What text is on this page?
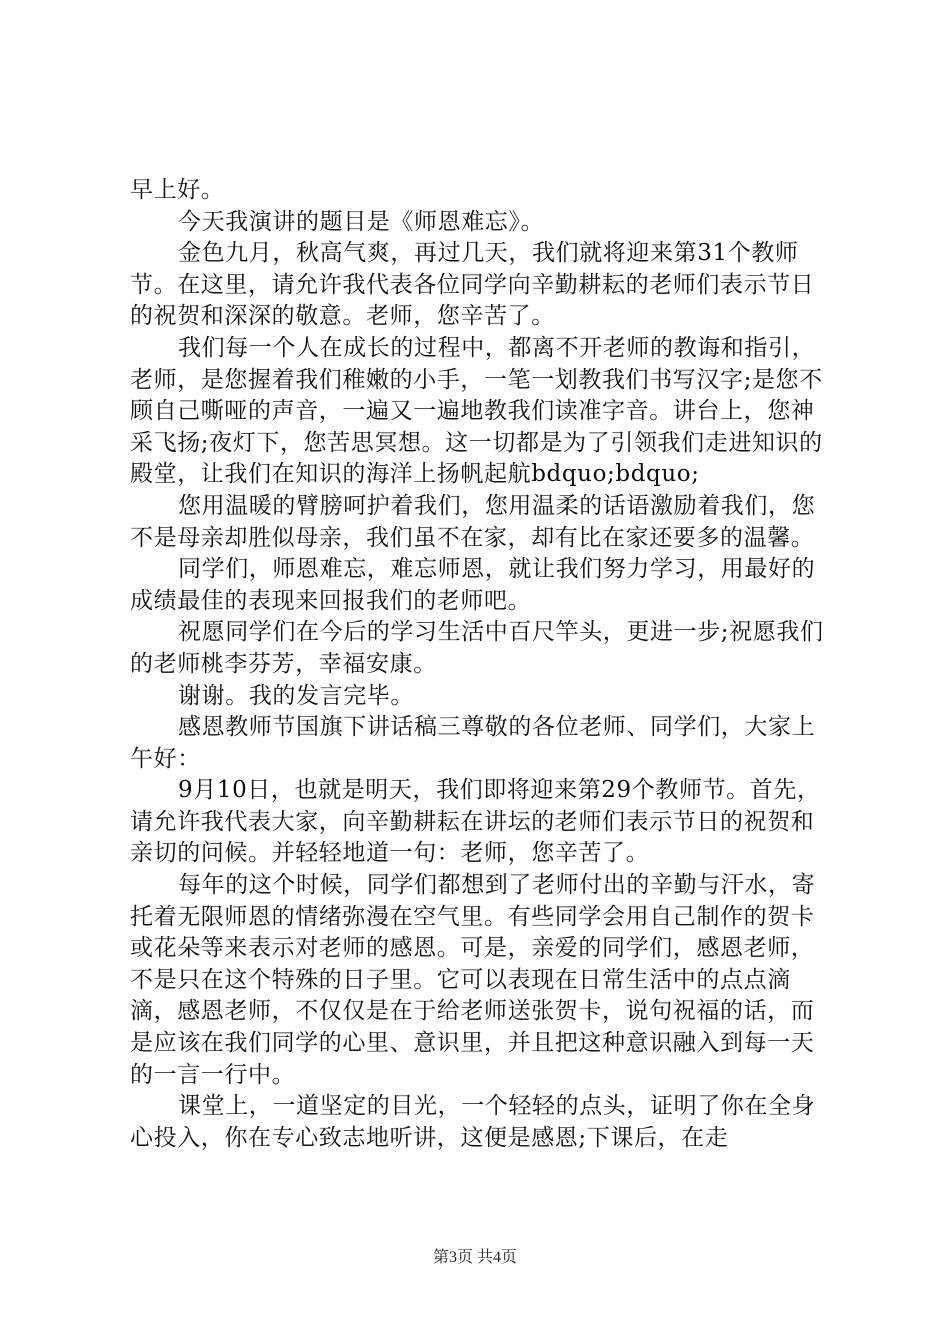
早上好。

今天我演讲的题目是《师恩难忘》。

金色九月，秋高气爽，再过几天，我们就将迎来第31个教师节。在这里，请允许我代表各位同学向辛勤耕耘的老师们表示节日的祝贺和深深的敬意。老师，您辛苦了。

我们每一个人在成长的过程中，都离不开老师的教诲和指引，老师，是您握着我们稚嫩的小手，一笔一划教我们书写汉字;是您不顾自己嘶哑的声音，一遍又一遍地教我们读准字音。讲台上，您神采飞扬;夜灯下，您苦思冥想。这一切都是为了引领我们走进知识的殿堂，让我们在知识的海洋上扬帆起航bdquo;bdquo;

您用温暖的臂膀呵护着我们，您用温柔的话语激励着我们，您不是母亲却胜似母亲，我们虽不在家，却有比在家还要多的温馨。

同学们，师恩难忘，难忘师恩，就让我们努力学习，用最好的成绩最佳的表现来回报我们的老师吧。

祝愿同学们在今后的学习生活中百尺竿头，更进一步;祝愿我们的老师桃李芬芳，幸福安康。

谢谢。我的发言完毕。

感恩教师节国旗下讲话稿三尊敬的各位老师、同学们，大家上午好：

9月10日，也就是明天，我们即将迎来第29个教师节。首先，请允许我代表大家，向辛勤耕耘在讲坛的老师们表示节日的祝贺和亲切的问候。并轻轻地道一句：老师，您辛苦了。

每年的这个时候，同学们都想到了老师付出的辛勤与汗水，寄托着无限师恩的情绪弥漫在空气里。有些同学会用自己制作的贺卡或花朵等来表示对老师的感恩。可是，亲爱的同学们，感恩老师，不是只在这个特殊的日子里。它可以表现在日常生活中的点点滴滴，感恩老师，不仅仅是在于给老师送张贺卡，说句祝福的话，而是应该在我们同学的心里、意识里，并且把这种意识融入到每一天的一言一行中。

课堂上，一道坚定的目光，一个轻轻的点头，证明了你在全身心投入，你在专心致志地听讲，这便是感恩;下课后，在走

第3页 共4页
